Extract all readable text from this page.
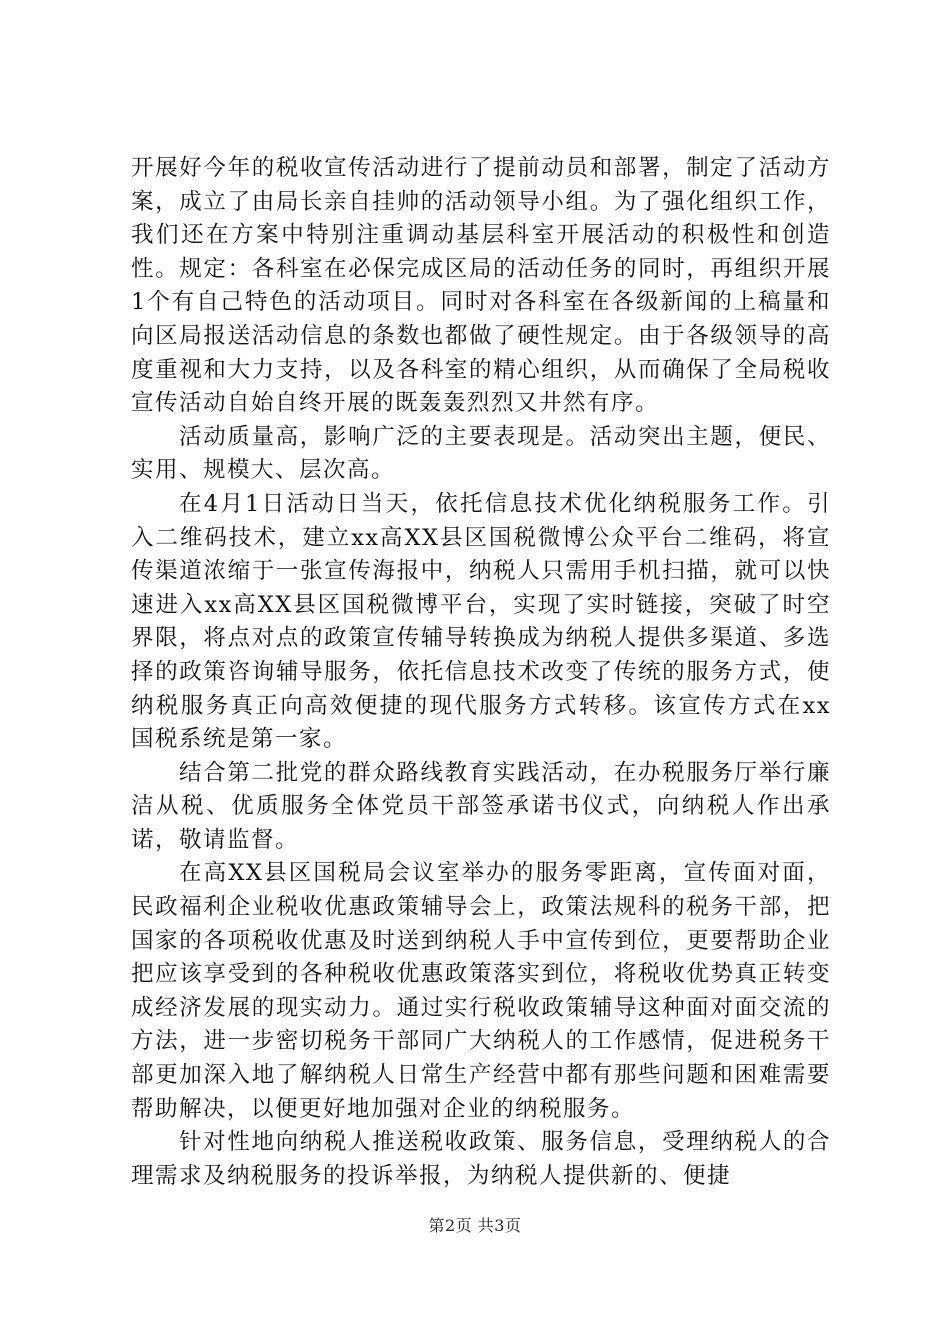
开展好今年的税收宣传活动进行了提前动员和部署，制定了活动方案，成立了由局长亲自挂帅的活动领导小组。为了强化组织工作，我们还在方案中特别注重调动基层科室开展活动的积极性和创造性。规定：各科室在必保完成区局的活动任务的同时，再组织开展1个有自己特色的活动项目。同时对各科室在各级新闻的上稿量和向区局报送活动信息的条数也都做了硬性规定。由于各级领导的高度重视和大力支持，以及各科室的精心组织，从而确保了全局税收宣传活动自始自终开展的既轰轰烈烈又井然有序。

活动质量高，影响广泛的主要表现是。活动突出主题，便民、实用、规模大、层次高。

在4月1日活动日当天，依托信息技术优化纳税服务工作。引入二维码技术，建立xx高XX县区国税微博公众平台二维码，将宣传渠道浓缩于一张宣传海报中，纳税人只需用手机扫描，就可以快速进入xx高XX县区国税微博平台，实现了实时链接，突破了时空界限，将点对点的政策宣传辅导转换成为纳税人提供多渠道、多选择的政策咨询辅导服务，依托信息技术改变了传统的服务方式，使纳税服务真正向高效便捷的现代服务方式转移。该宣传方式在xx国税系统是第一家。

结合第二批党的群众路线教育实践活动，在办税服务厅举行廉洁从税、优质服务全体党员干部签承诺书仪式，向纳税人作出承诺，敬请监督。

在高XX县区国税局会议室举办的服务零距离，宣传面对面，民政福利企业税收优惠政策辅导会上，政策法规科的税务干部，把国家的各项税收优惠及时送到纳税人手中宣传到位，更要帮助企业把应该享受到的各种税收优惠政策落实到位，将税收优势真正转变成经济发展的现实动力。通过实行税收政策辅导这种面对面交流的方法，进一步密切税务干部同广大纳税人的工作感情，促进税务干部更加深入地了解纳税人日常生产经营中都有那些问题和困难需要帮助解决，以便更好地加强对企业的纳税服务。

针对性地向纳税人推送税收政策、服务信息，受理纳税人的合理需求及纳税服务的投诉举报，为纳税人提供新的、便捷

第2页 共3页
